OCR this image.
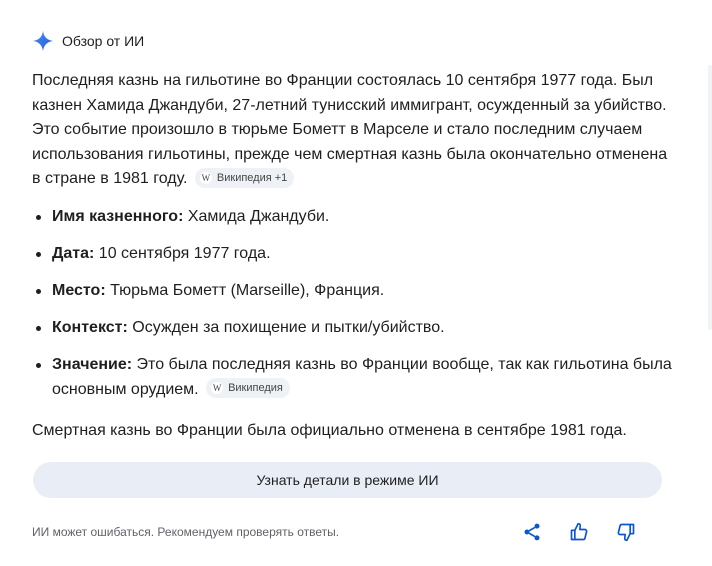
Обзор от ИИ
Последняя казнь на гильотине во Франции состоялась 10 сентября 1977 года. Был казнен Хамида Джандуби, 27-летний тунисский иммигрант, осужденный за убийство. Это событие произошло в тюрьме Бометт в Марселе и стало последним случаем использования гильотины, прежде чем смертная казнь была окончательно отменена в стране в 1981 году. W Википедия +1
Имя казненного: Хамида Джандуби.
Дата: 10 сентября 1977 года.
Место: Тюрьма Бометт (Marseille), Франция.
Контекст: Осужден за похищение и пытки/убийство.
Значение: Это была последняя казнь во Франции вообще, так как гильотина была основным орудием. W Википедия
Смертная казнь во Франции была официально отменена в сентябре 1981 года.
Узнать детали в режиме ИИ
ИИ может ошибаться. Рекомендуем проверять ответы.
